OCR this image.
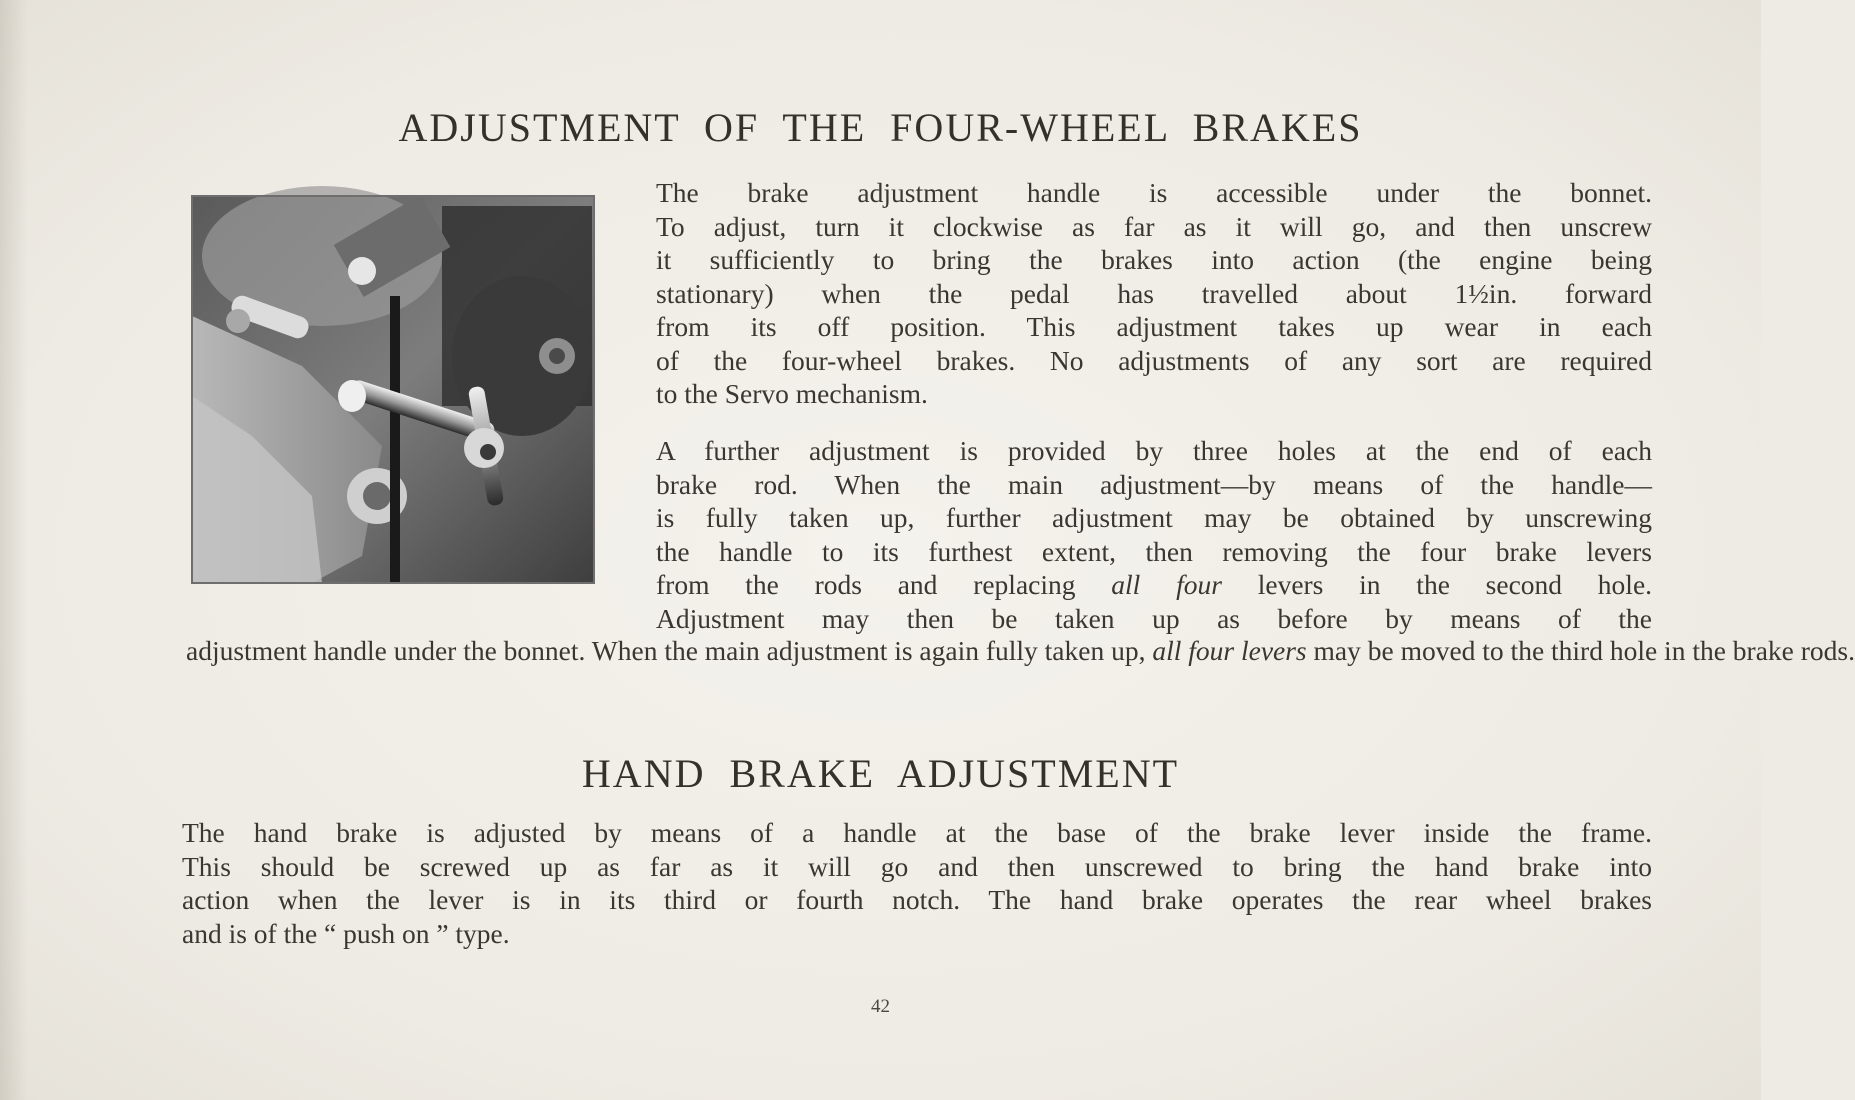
ADJUSTMENT OF THE FOUR-WHEEL BRAKES

The brake adjustment handle is accessible under the bonnet.
To adjust, turn it clockwise as far as it will go, and then unscrew
it sufficiently to bring the brakes into action (the engine being
stationary) when the pedal has travelled about 1½in. forward
from its off position. This adjustment takes up wear in each
of the four-wheel brakes. No adjustments of any sort are required
to the Servo mechanism.

A further adjustment is provided by three holes at the end of each
brake rod. When the main adjustment—by means of the handle—
is fully taken up, further adjustment may be obtained by unscrewing
the handle to its furthest extent, then removing the four brake levers
from the rods and replacing all four levers in the second hole.
Adjustment may then be taken up as before by means of the

adjustment handle under the bonnet. When the main adjustment is again fully taken up, all four levers may be moved to the third hole in the brake rods.

HAND BRAKE ADJUSTMENT

The hand brake is adjusted by means of a handle at the base of the brake lever inside the frame.
This should be screwed up as far as it will go and then unscrewed to bring the hand brake into
action when the lever is in its third or fourth notch. The hand brake operates the rear wheel brakes
and is of the “ push on ” type.

42
